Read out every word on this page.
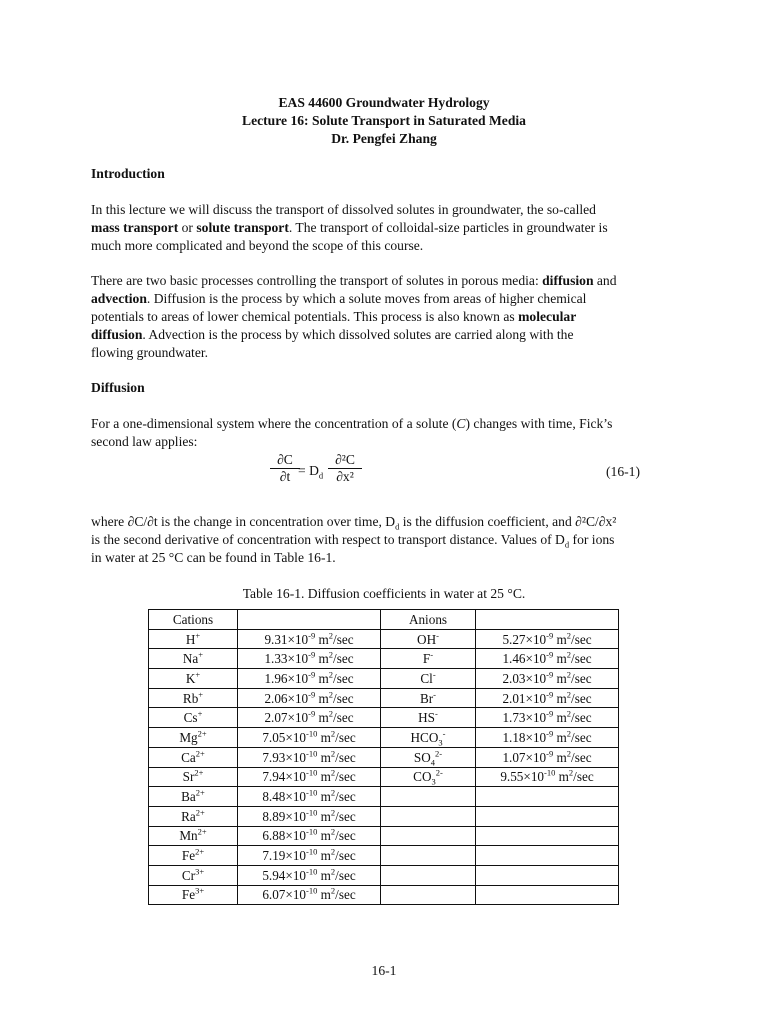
EAS 44600 Groundwater Hydrology
Lecture 16: Solute Transport in Saturated Media
Dr. Pengfei Zhang
Introduction
In this lecture we will discuss the transport of dissolved solutes in groundwater, the so-called
mass transport or solute transport. The transport of colloidal-size particles in groundwater is
much more complicated and beyond the scope of this course.
There are two basic processes controlling the transport of solutes in porous media: diffusion and
advection. Diffusion is the process by which a solute moves from areas of higher chemical
potentials to areas of lower chemical potentials. This process is also known as molecular
diffusion. Advection is the process by which dissolved solutes are carried along with the
flowing groundwater.
Diffusion
For a one-dimensional system where the concentration of a solute (C) changes with time, Fick’s
second law applies:
$\frac{\partial C}{\partial t}$
= $D_d \frac{\text{∂²C}}{\text{∂x²}}$	(16-1)
where ∂C/∂t is the change in concentration over time, $D_d$ is the diffusion coefficient, and ∂²C/∂x²
is the second derivative of concentration with respect to transport distance. Values of $D_d$ for ions
in water at 25 °C can be found in Table 16-1.
Table 16-1. Diffusion coefficients in water at 25 °C.
Cations		Anions	
H+	$9.31\times 10^{-9}$ $m^2/\sec$	OH-	$5.27\times 10^{-9}$ $m^2/\sec$
Na+	$1.33\times 10^{-9}$ $m^2/\sec$	F-	$1.46\times 10^{-9}$ $m^2/\sec$
K+	$1.96\times 10^{-9}$ $m^2/\sec$	Cl-	$2.03\times 10^{-9}$ $m^2/\sec$
Rb+	$2.06\times 10^{-9}$ $m^2/\sec$	Br-	$2.01\times 10^{-9}$ $m^2/\sec$
Cs+	$2.07\times 10^{-9}$ $m^2/\sec$	HS-	$1.73\times 10^{-9}$ $m^2/\sec$
$Mg^{2+}$	$7.05\times 10^{-10}$ $m^2/\sec$	$HCO_3^-$	$1.18\times 10^{-9}$ $m^2/\sec$
$Ca^{2+}$	$7.93\times 10^{-10}$ $m^2/\sec$	$SO_4^{2-}$	$1.07\times 10^{-9}$ $m^2/\sec$
$Sr^{2+}$	$7.94\times 10^{-10}$ $m^2/\sec$	$CO_3^{2-}$	$9.55\times 10^{-10}$ $m^2/\sec$
$Ba^{2+}$	$8.48\times 10^{-10}$ $m^2/\sec$		
$Ra^{2+}$	$8.89\times 10^{-10}$ $m^2/\sec$		
$Mn^{2+}$	$6.88\times 10^{-10}$ $m^2/\sec$		
$Fe^{2+}$	$7.19\times 10^{-10}$ $m^2/\sec$		
$Cr^{3+}$	$5.94\times 10^{-10}$ $m^2/\sec$		
$Fe^{3+}$	$6.07\times 10^{-10}$ $m^2/\sec$		
16-1
